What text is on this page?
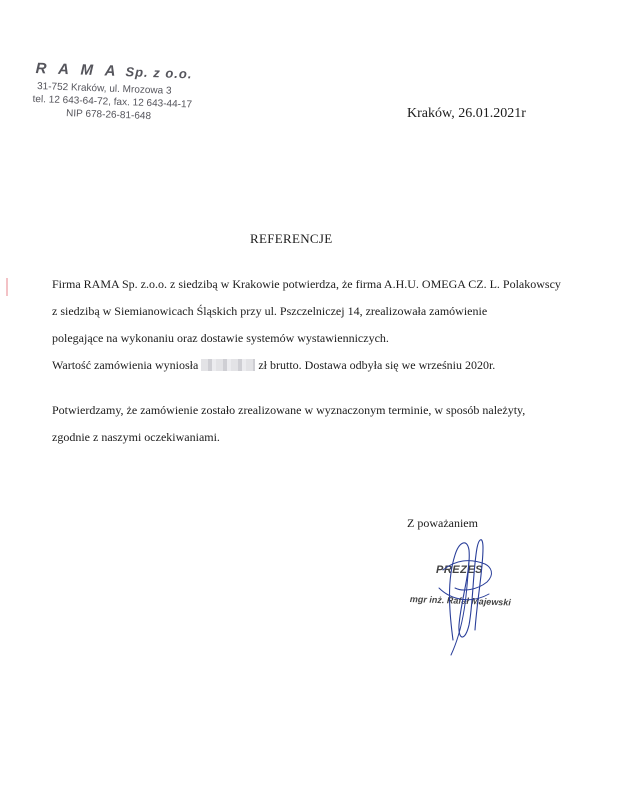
R A M A Sp. z o.o.
31-752 Kraków, ul. Mrozowa 3
tel. 12 643-64-72, fax. 12 643-44-17
NIP 678-26-81-648	Kraków, 26.01.2021r
REFERENCJE
Firma RAMA Sp. z.o.o. z siedzibą w Krakowie potwierdza, że firma A.H.U. OMEGA CZ. L. Polakowscy
z siedzibą w Siemianowicach Śląskich przy ul. Pszczelniczej 14, zrealizowała zamówienie
polegające na wykonaniu oraz dostawie systemów wystawienniczych.
Wartość zamówienia wyniosła	zł brutto. Dostawa odbyła się we wrześniu 2020r.
Potwierdzamy, że zamówienie zostało zrealizowane w wyznaczonym terminie, w sposób należyty,
zgodnie z naszymi oczekiwaniami.
Z poważaniem
PREZES
mgr inż. Rafał Majewski
